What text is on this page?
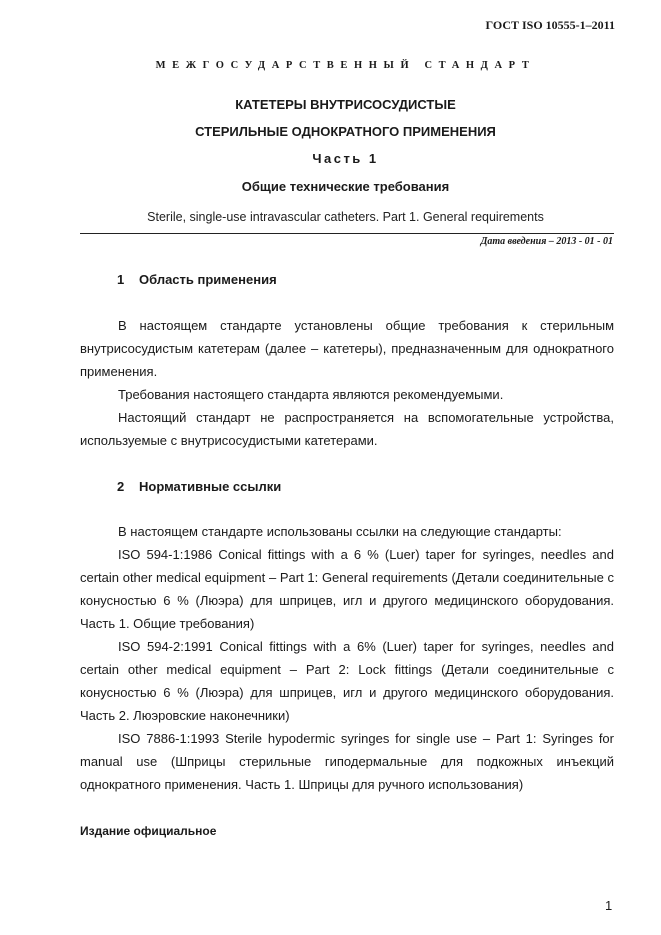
ГОСТ ISO 10555-1–2011
МЕЖГОСУДАРСТВЕННЫЙ СТАНДАРТ
КАТЕТЕРЫ ВНУТРИСОСУДИСТЫЕ
СТЕРИЛЬНЫЕ ОДНОКРАТНОГО ПРИМЕНЕНИЯ
Часть 1
Общие технические требования
Sterile, single-use intravascular catheters. Part 1. General requirements
Дата введения – 2013 - 01 - 01
1 Область применения

В настоящем стандарте установлены общие требования к стерильным внутрисосудистым катетерам (далее – катетеры), предназначенным для однократного применения.

Требования настоящего стандарта являются рекомендуемыми.

Настоящий стандарт не распространяется на вспомогательные устройства, используемые с внутрисосудистыми катетерами.

2 Нормативные ссылки

В настоящем стандарте использованы ссылки на следующие стандарты:

ISO 594-1:1986 Conical fittings with a 6 % (Luer) taper for syringes, needles and certain other medical equipment – Part 1: General requirements (Детали соединительные с конусностью 6 % (Люэра) для шприцев, игл и другого медицинского оборудования. Часть 1. Общие требования)

ISO 594-2:1991 Conical fittings with a 6% (Luer) taper for syringes, needles and certain other medical equipment – Part 2: Lock fittings (Детали соединительные с конусностью 6 % (Люэра) для шприцев, игл и другого медицинского оборудования. Часть 2. Люэровские наконечники)

ISO 7886-1:1993 Sterile hypodermic syringes for single use – Part 1: Syringes for manual use (Шприцы стерильные гиподермальные для подкожных инъекций однократного применения. Часть 1. Шприцы для ручного использования)

Издание официальное
1
